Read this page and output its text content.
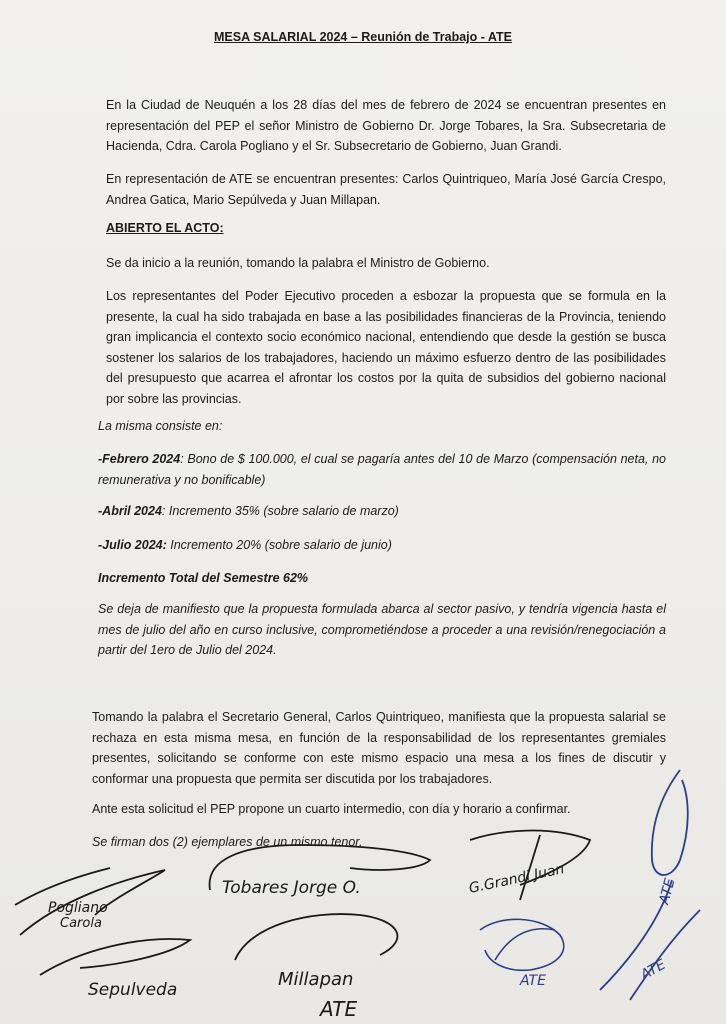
MESA SALARIAL 2024 – Reunión de Trabajo - ATE

En la Ciudad de Neuquén a los 28 días del mes de febrero de 2024 se encuentran presentes en representación del PEP el señor Ministro de Gobierno Dr. Jorge Tobares, la Sra. Subsecretaria de Hacienda, Cdra. Carola Pogliano y el Sr. Subsecretario de Gobierno, Juan Grandi.

En representación de ATE se encuentran presentes: Carlos Quintriqueo, María José García Crespo, Andrea Gatica, Mario Sepúlveda y Juan Millapan.

ABIERTO EL ACTO:

Se da inicio a la reunión, tomando la palabra el Ministro de Gobierno.

Los representantes del Poder Ejecutivo proceden a esbozar la propuesta que se formula en la presente, la cual ha sido trabajada en base a las posibilidades financieras de la Provincia, teniendo gran implicancia el contexto socio económico nacional, entendiendo que desde la gestión se busca sostener los salarios de los trabajadores, haciendo un máximo esfuerzo dentro de las posibilidades del presupuesto que acarrea el afrontar los costos por la quita de subsidios del gobierno nacional por sobre las provincias.

La misma consiste en:

-Febrero 2024: Bono de $ 100.000, el cual se pagaría antes del 10 de Marzo (compensación neta, no remunerativa y no bonificable)

-Abril 2024: Incremento 35% (sobre salario de marzo)

-Julio 2024: Incremento 20% (sobre salario de junio)

Incremento Total del Semestre 62%

Se deja de manifiesto que la propuesta formulada abarca al sector pasivo, y tendría vigencia hasta el mes de julio del año en curso inclusive, comprometiéndose a proceder a una revisión/renegociación a partir del 1ero de Julio del 2024.

Tomando la palabra el Secretario General, Carlos Quintriqueo, manifiesta que la propuesta salarial se rechaza en esta misma mesa, en función de la responsabilidad de los representantes gremiales presentes, solicitando se conforme con este mismo espacio una mesa a los fines de discutir y conformar una propuesta que permita ser discutida por los trabajadores.

Ante esta solicitud el PEP propone un cuarto intermedio, con día y horario a confirmar.

Se firman dos (2) ejemplares de un mismo tenor.

Pogliano
Carola
Tobares Jorge O.	G.Grandi Juan	ATE
ATE
ATE
Sepulveda	Millapan
ATE
